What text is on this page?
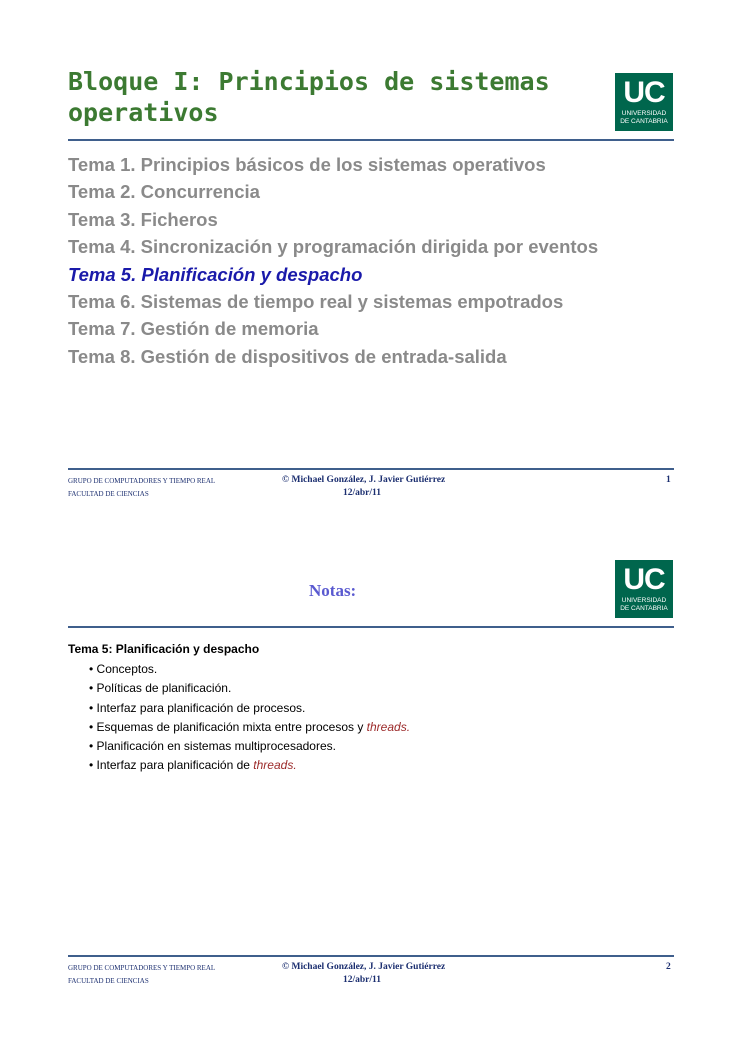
Bloque I: Principios de sistemas
operativos
UC
UNIVERSIDAD
DE CANTABRIA
Tema 1. Principios básicos de los sistemas operativos
Tema 2. Concurrencia
Tema 3. Ficheros
Tema 4. Sincronización y programación dirigida por eventos
Tema 5. Planificación y despacho
Tema 6. Sistemas de tiempo real y sistemas empotrados
Tema 7. Gestión de memoria
Tema 8. Gestión de dispositivos de entrada-salida
GRUPO DE COMPUTADORES Y TIEMPO REAL
FACULTAD DE CIENCIAS
© Michael González, J. Javier Gutiérrez
12/abr/11
1
Notas:	UC
UNIVERSIDAD
DE CANTABRIA
Tema 5: Planificación y despacho
• Conceptos.
• Políticas de planificación.
• Interfaz para planificación de procesos.
• Esquemas de planificación mixta entre procesos y threads.
• Planificación en sistemas multiprocesadores.
• Interfaz para planificación de threads.
GRUPO DE COMPUTADORES Y TIEMPO REAL
FACULTAD DE CIENCIAS
© Michael González, J. Javier Gutiérrez
12/abr/11
2
